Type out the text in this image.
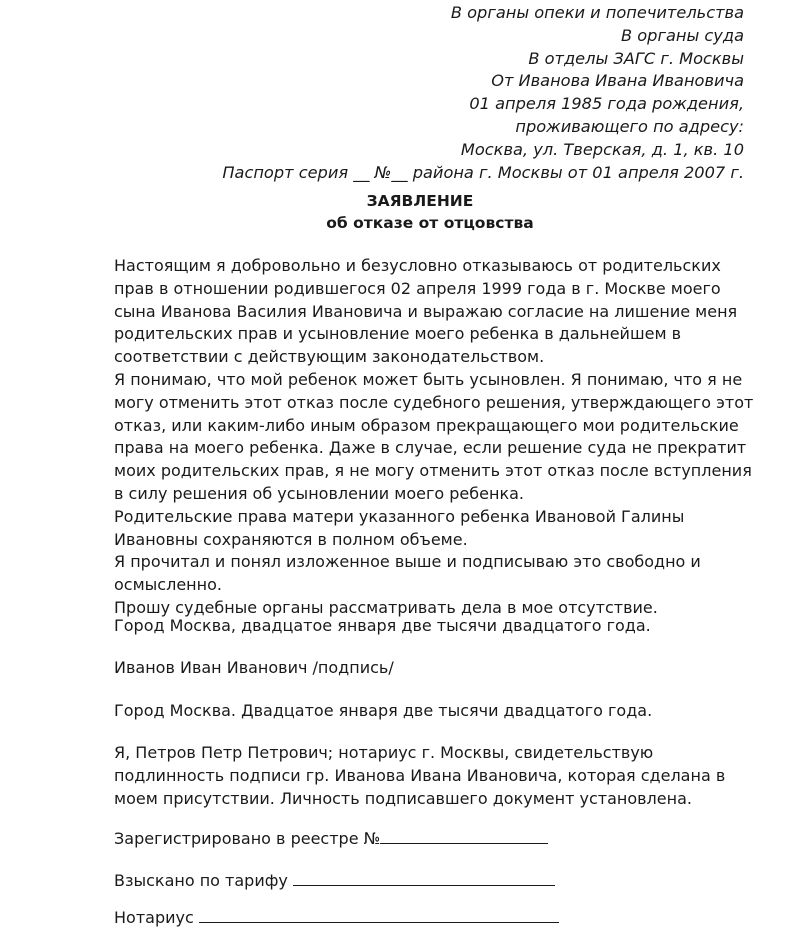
В органы опеки и попечительства
В органы суда
В отделы ЗАГС г. Москвы
От Иванова Ивана Ивановича
01 апреля 1985 года рождения,
проживающего по адресу:
Москва, ул. Тверская, д. 1, кв. 10
Паспорт серия __ №__ района г. Москвы от 01 апреля 2007 г.
ЗАЯВЛЕНИЕ
об отказе от отцовства
Настоящим я добровольно и безусловно отказываюсь от родительских
прав в отношении родившегося 02 апреля 1999 года в г. Москве моего
сына Иванова Василия Ивановича и выражаю согласие на лишение меня
родительских прав и усыновление моего ребенка в дальнейшем в
соответствии с действующим законодательством.
Я понимаю, что мой ребенок может быть усыновлен. Я понимаю, что я не
могу отменить этот отказ после судебного решения, утверждающего этот
отказ, или каким-либо иным образом прекращающего мои родительские
права на моего ребенка. Даже в случае, если решение суда не прекратит
моих родительских прав, я не могу отменить этот отказ после вступления
в силу решения об усыновлении моего ребенка.
Родительские права матери указанного ребенка Ивановой Галины
Ивановны сохраняются в полном объеме.
Я прочитал и понял изложенное выше и подписываю это свободно и
осмысленно.
Прошу судебные органы рассматривать дела в мое отсутствие.
Город Москва, двадцатое января две тысячи двадцатого года.
Иванов Иван Иванович /подпись/
Город Москва. Двадцатое января две тысячи двадцатого года.
Я, Петров Петр Петрович; нотариус г. Москвы, свидетельствую
подлинность подписи гр. Иванова Ивана Ивановича, которая сделана в
моем присутствии. Личность подписавшего документ установлена.
Зарегистрировано в реестре №
Взыскано по тарифу
Нотариус
